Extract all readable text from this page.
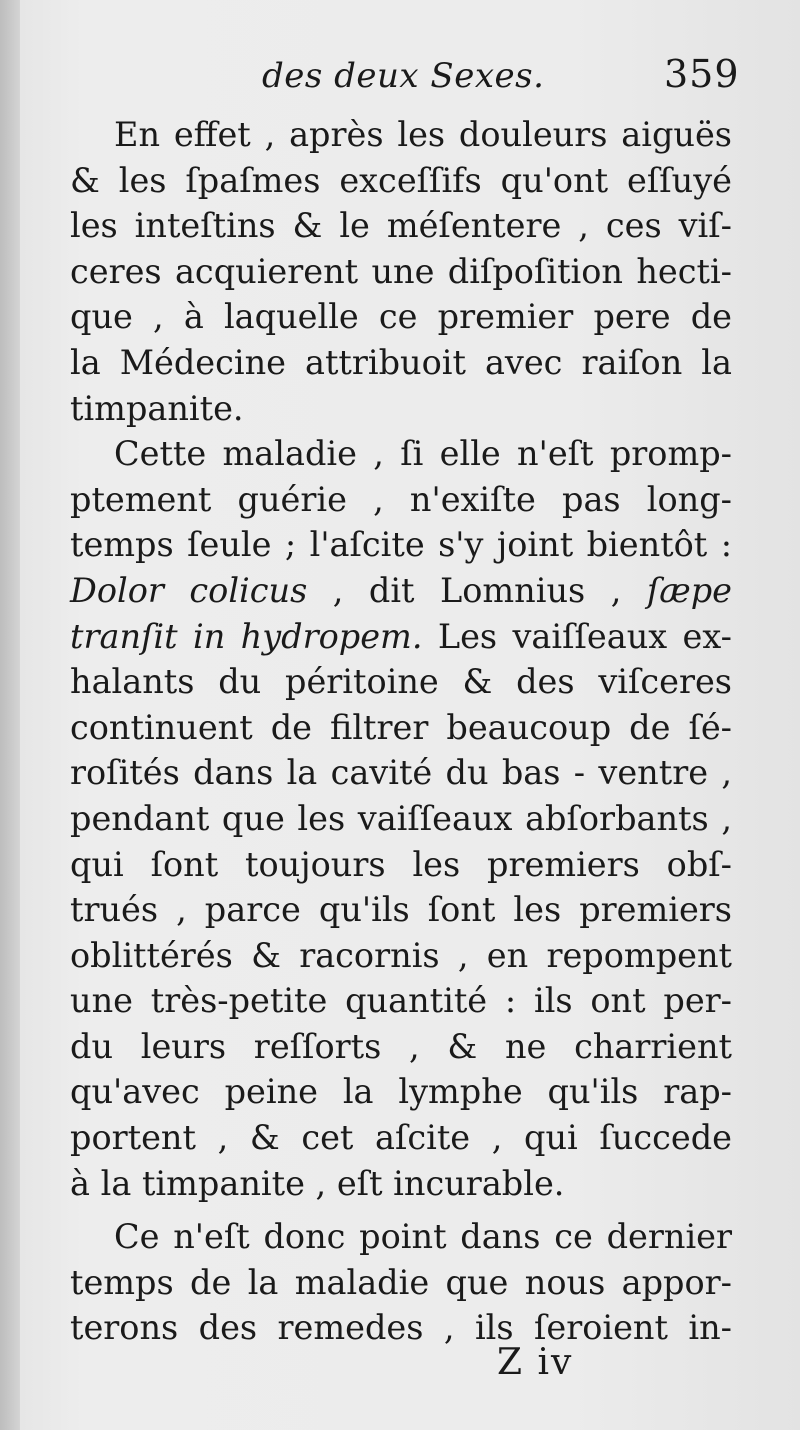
des deux Sexes.	359
En effet , après les douleurs aiguës
& les ſpaſmes exceſſifs qu'ont eſſuyé
les inteſtins & le méſentere , ces viſ-
ceres acquierent une diſpoſition hecti-
que , à laquelle ce premier pere de
la Médecine attribuoit avec raiſon la
timpanite.
Cette maladie , ſi elle n'eſt promp-
ptement guérie , n'exiſte pas long-
temps ſeule ; l'aſcite s'y joint bientôt :
Dolor colicus , dit Lomnius , ſæpe
tranſit in hydropem. Les vaiſſeaux ex-
halants du péritoine & des viſceres
continuent de filtrer beaucoup de ſé-
roſités dans la cavité du bas - ventre ,
pendant que les vaiſſeaux abſorbants ,
qui ſont toujours les premiers obſ-
trués , parce qu'ils ſont les premiers
oblittérés & racornis , en repompent
une très-petite quantité : ils ont per-
du leurs reſſorts , & ne charrient
qu'avec peine la lymphe qu'ils rap-
portent , & cet aſcite , qui ſuccede
à la timpanite , eſt incurable.
Ce n'eſt donc point dans ce dernier
temps de la maladie que nous appor-
terons des remedes , ils ſeroient in-
Z iv
